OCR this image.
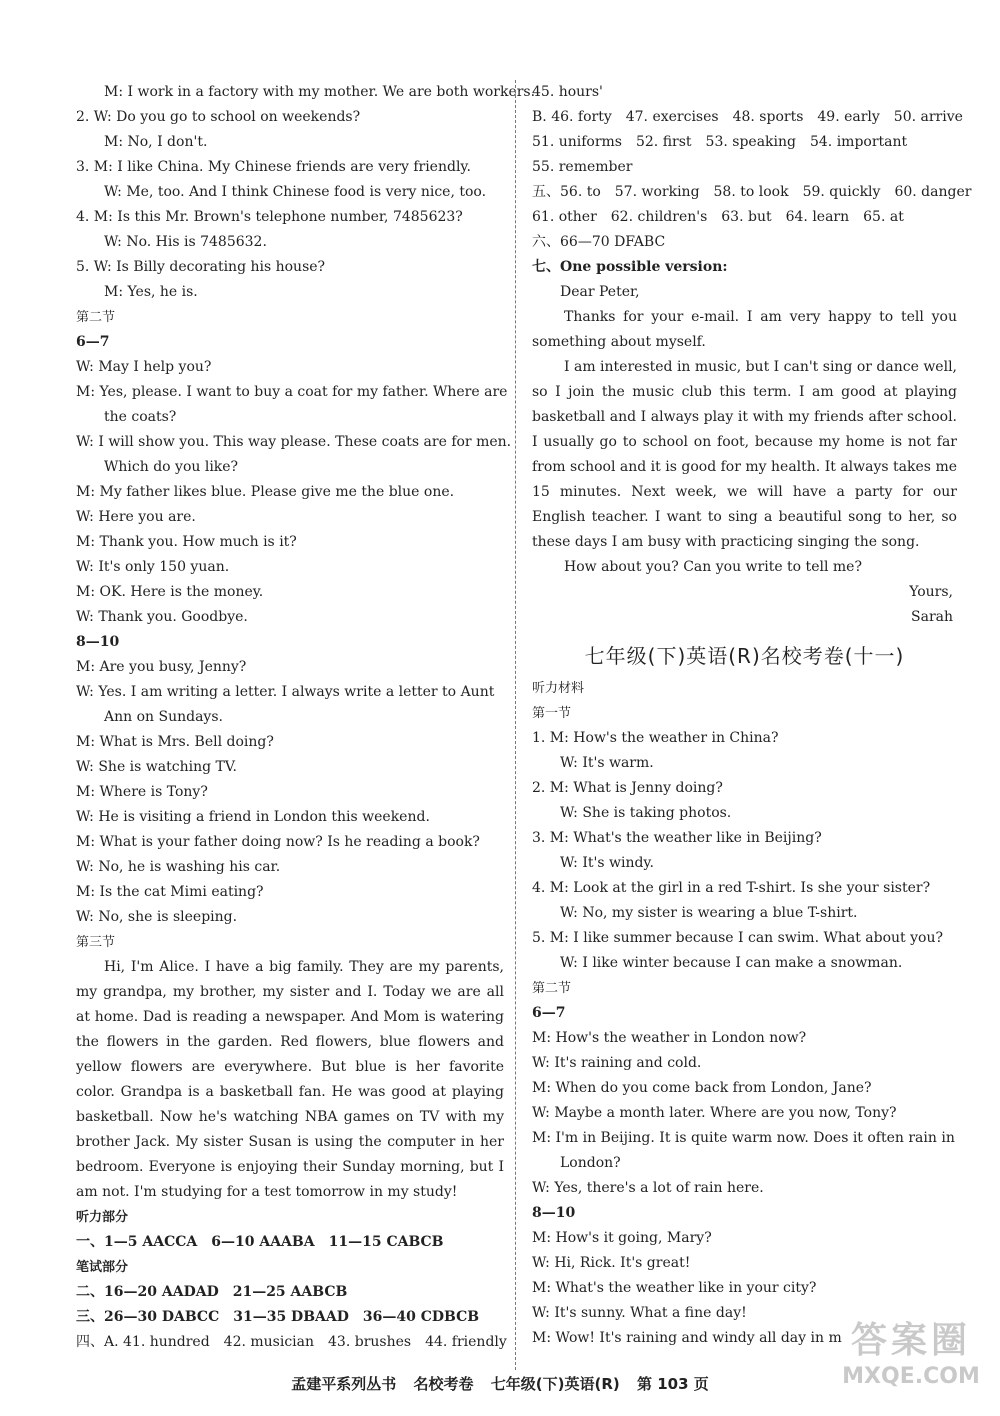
M: I work in a factory with my mother. We are both workers.
2. W: Do you go to school on weekends?
M: No, I don't.
3. M: I like China. My Chinese friends are very friendly.
W: Me, too. And I think Chinese food is very nice, too.
4. M: Is this Mr. Brown's telephone number, 7485623?
W: No. His is 7485632.
5. W: Is Billy decorating his house?
M: Yes, he is.
第二节
6—7
W: May I help you?
M: Yes, please. I want to buy a coat for my father. Where are
the coats?
W: I will show you. This way please. These coats are for men.
Which do you like?
M: My father likes blue. Please give me the blue one.
W: Here you are.
M: Thank you. How much is it?
W: It's only 150 yuan.
M: OK. Here is the money.
W: Thank you. Goodbye.
8—10
M: Are you busy, Jenny?
W: Yes. I am writing a letter. I always write a letter to Aunt
Ann on Sundays.
M: What is Mrs. Bell doing?
W: She is watching TV.
M: Where is Tony?
W: He is visiting a friend in London this weekend.
M: What is your father doing now? Is he reading a book?
W: No, he is washing his car.
M: Is the cat Mimi eating?
W: No, she is sleeping.
第三节
Hi, I'm Alice. I have a big family. They are my parents, my grandpa, my brother, my sister and I. Today we are all at home. Dad is reading a newspaper. And Mom is watering the flowers in the garden. Red flowers, blue flowers and yellow flowers are everywhere. But blue is her favorite color. Grandpa is a basketball fan. He was good at playing basketball. Now he's watching NBA games on TV with my brother Jack. My sister Susan is using the computer in her bedroom. Everyone is enjoying their Sunday morning, but I am not. I'm studying for a test tomorrow in my study!
听力部分
一、1—5 AACCA　6—10 AAABA　11—15 CABCB
笔试部分
二、16—20 AADAD　21—25 AABCB
三、26—30 DABCC　31—35 DBAAD　36—40 CDBCB
四、A. 41. hundred　42. musician　43. brushes　44. friendly
45. hours'
B. 46. forty　47. exercises　48. sports　49. early　50. arrive
51. uniforms　52. first　53. speaking　54. important
55. remember
五、56. to　57. working　58. to look　59. quickly　60. danger
61. other　62. children's　63. but　64. learn　65. at
六、66—70 DFABC
七、One possible version:
Dear Peter,
Thanks for your e-mail. I am very happy to tell you something about myself.
I am interested in music, but I can't sing or dance well, so I join the music club this term. I am good at playing basketball and I always play it with my friends after school. I usually go to school on foot, because my home is not far from school and it is good for my health. It always takes me 15 minutes. Next week, we will have a party for our English teacher. I want to sing a beautiful song to her, so these days I am busy with practicing singing the song.
How about you? Can you write to tell me?
Yours,
Sarah
七年级(下)英语(R)名校考卷(十一)
听力材料
第一节
1. M: How's the weather in China?
W: It's warm.
2. M: What is Jenny doing?
W: She is taking photos.
3. M: What's the weather like in Beijing?
W: It's windy.
4. M: Look at the girl in a red T-shirt. Is she your sister?
W: No, my sister is wearing a blue T-shirt.
5. M: I like summer because I can swim. What about you?
W: I like winter because I can make a snowman.
第二节
6—7
M: How's the weather in London now?
W: It's raining and cold.
M: When do you come back from London, Jane?
W: Maybe a month later. Where are you now, Tony?
M: I'm in Beijing. It is quite warm now. Does it often rain in
London?
W: Yes, there's a lot of rain here.
8—10
M: How's it going, Mary?
W: Hi, Rick. It's great!
M: What's the weather like in your city?
W: It's sunny. What a fine day!
M: Wow! It's raining and windy all day in m
孟建平系列丛书 名校考卷 七年级(下)英语(R) 第 103 页
答案圈
MXQE.COM
